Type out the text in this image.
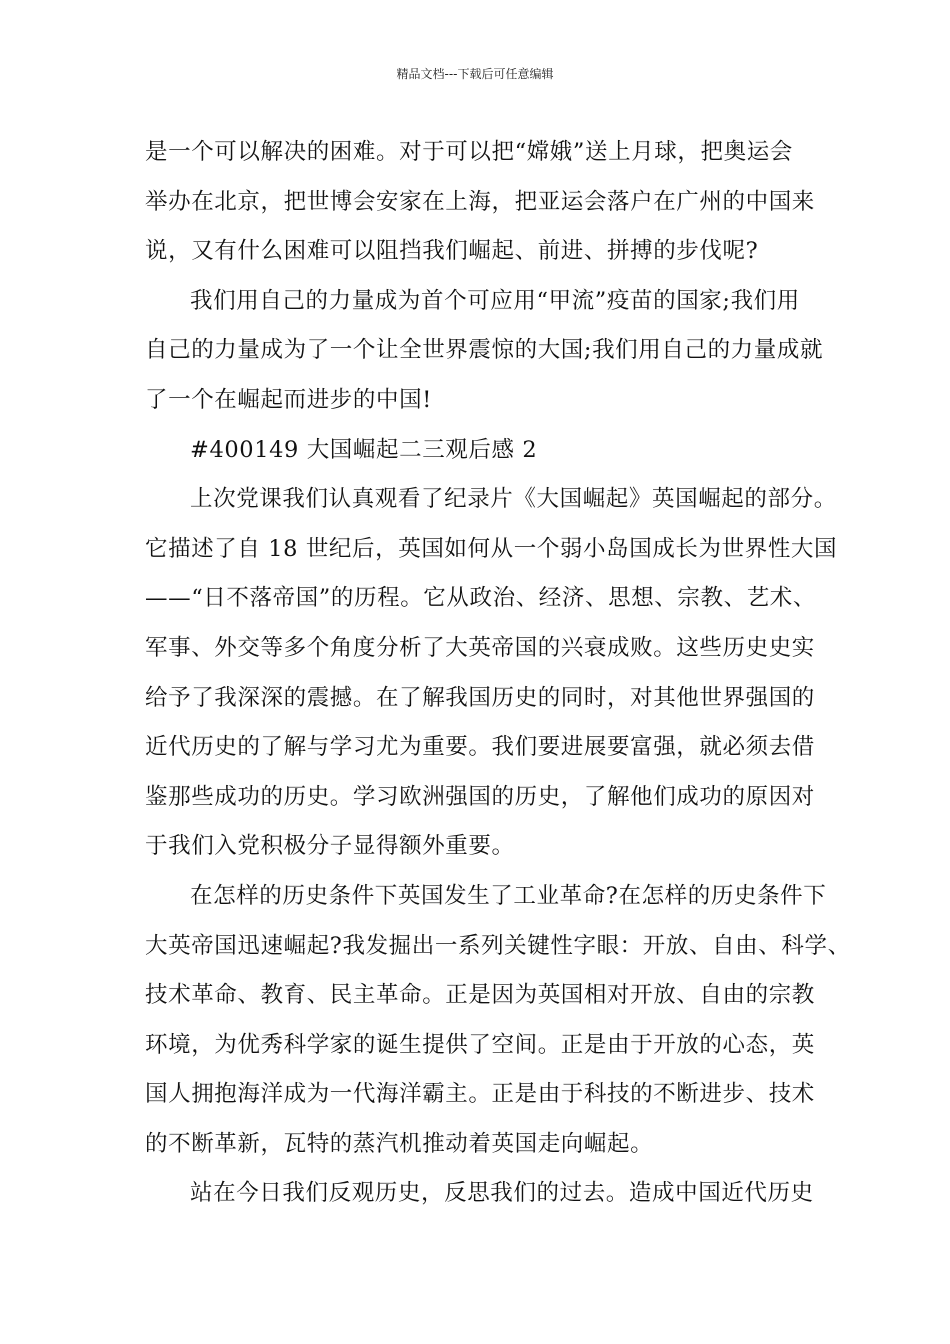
精品文档---下载后可任意编辑
是一个可以解决的困难。对于可以把“嫦娥”送上月球，把奥运会
举办在北京，把世博会安家在上海，把亚运会落户在广州的中国来
说，又有什么困难可以阻挡我们崛起、前进、拼搏的步伐呢?
我们用自己的力量成为首个可应用“甲流”疫苗的国家;我们用
自己的力量成为了一个让全世界震惊的大国;我们用自己的力量成就
了一个在崛起而进步的中国!
#400149 大国崛起二三观后感 2
上次党课我们认真观看了纪录片《大国崛起》英国崛起的部分。
它描述了自 18 世纪后，英国如何从一个弱小岛国成长为世界性大国
——“日不落帝国”的历程。它从政治、经济、思想、宗教、艺术、
军事、外交等多个角度分析了大英帝国的兴衰成败。这些历史史实
给予了我深深的震撼。在了解我国历史的同时，对其他世界强国的
近代历史的了解与学习尤为重要。我们要进展要富强，就必须去借
鉴那些成功的历史。学习欧洲强国的历史，了解他们成功的原因对
于我们入党积极分子显得额外重要。
在怎样的历史条件下英国发生了工业革命?在怎样的历史条件下
大英帝国迅速崛起?我发掘出一系列关键性字眼：开放、自由、科学、
技术革命、教育、民主革命。正是因为英国相对开放、自由的宗教
环境，为优秀科学家的诞生提供了空间。正是由于开放的心态，英
国人拥抱海洋成为一代海洋霸主。正是由于科技的不断进步、技术
的不断革新，瓦特的蒸汽机推动着英国走向崛起。
站在今日我们反观历史，反思我们的过去。造成中国近代历史
